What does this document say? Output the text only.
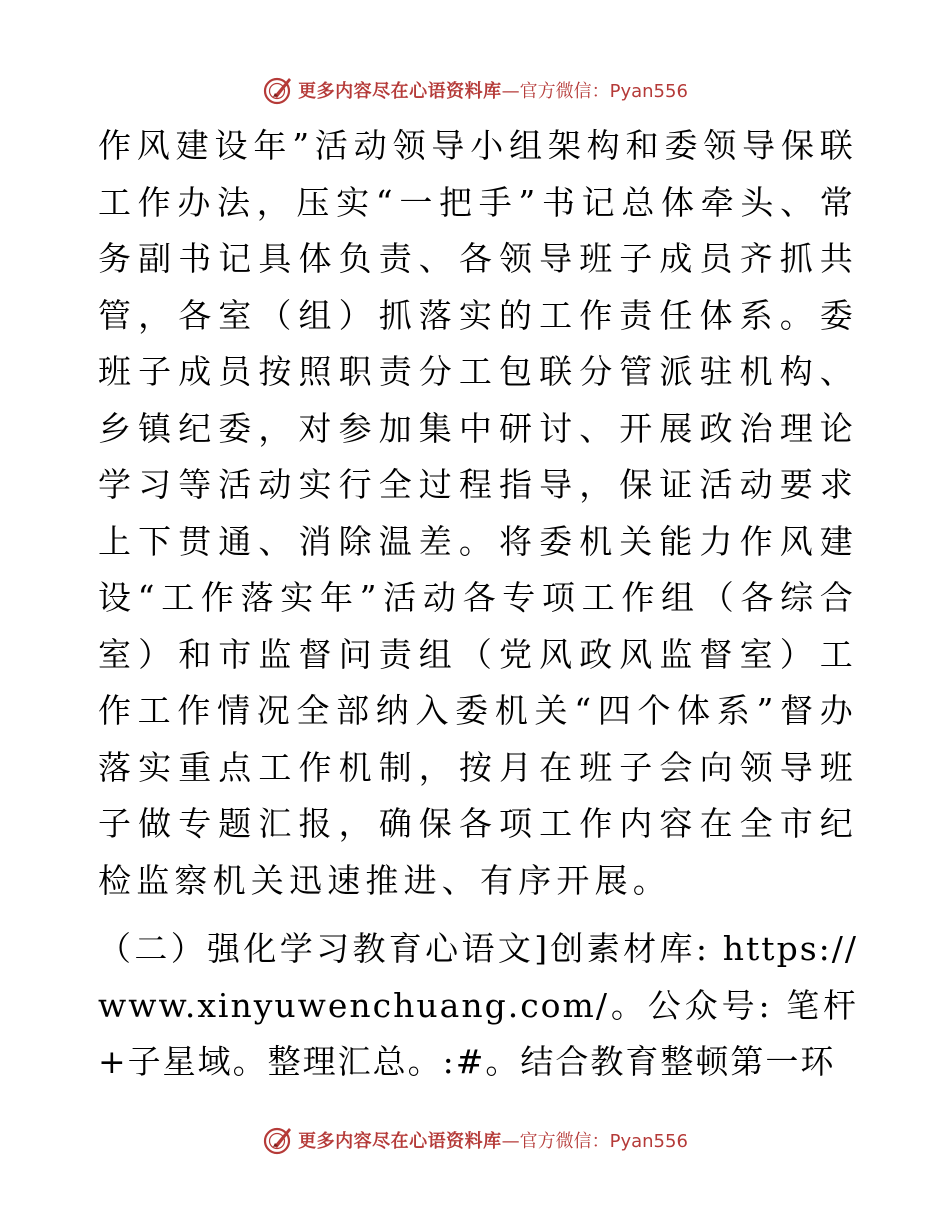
更多内容尽在心语资料库 —官方微信：Pyan556

作风建设年”活动领导小组架构和委领导保联工作办法，压实“一把手”书记总体牵头、常务副书记具体负责、各领导班子成员齐抓共管，各室（组）抓落实的工作责任体系。委班子成员按照职责分工包联分管派驻机构、乡镇纪委，对参加集中研讨、开展政治理论学习等活动实行全过程指导，保证活动要求上下贯通、消除温差。将委机关能力作风建设“工作落实年”活动各专项工作组（各综合室）和市监督问责组（党风政风监督室）工作工作情况全部纳入委机关“四个体系”督办落实重点工作机制，按月在班子会向领导班子做专题汇报，确保各项工作内容在全市纪检监察机关迅速推进、有序开展。

（二）强化学习教育心语文]创素材库: https://www.xinyuwenchuang.com/。公众号: 笔杆+子星域。整理汇总。:#。结合教育整顿第一环

更多内容尽在心语资料库 —官方微信：Pyan556
